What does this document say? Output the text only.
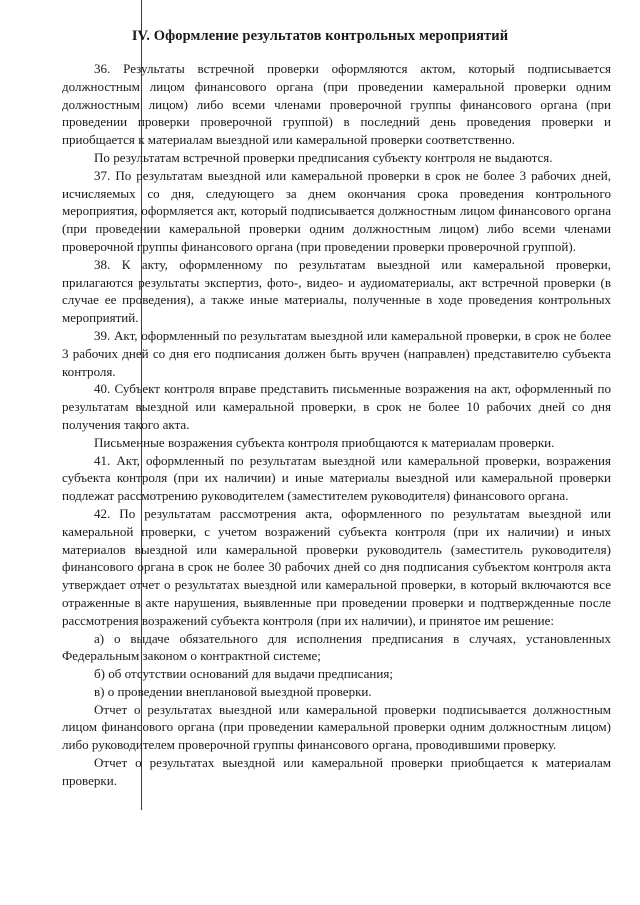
IV. Оформление результатов контрольных мероприятий

36. Результаты встречной проверки оформляются актом, который подписывается должностным лицом финансового органа (при проведении камеральной проверки одним должностным лицом) либо всеми членами проверочной группы финансового органа (при проведении проверки проверочной группой) в последний день проведения проверки и приобщается к материалам выездной или камеральной проверки соответственно.

По результатам встречной проверки предписания субъекту контроля не выдаются.

37. По результатам выездной или камеральной проверки в срок не более 3 рабочих дней, исчисляемых со дня, следующего за днем окончания срока проведения контрольного мероприятия, оформляется акт, который подписывается должностным лицом финансового органа (при проведении камеральной проверки одним должностным лицом) либо всеми членами проверочной группы финансового органа (при проведении проверки проверочной группой).

38. К акту, оформленному по результатам выездной или камеральной проверки, прилагаются результаты экспертиз, фото-, видео- и аудиоматериалы, акт встречной проверки (в случае ее проведения), а также иные материалы, полученные в ходе проведения контрольных мероприятий.

39. Акт, оформленный по результатам выездной или камеральной проверки, в срок не более 3 рабочих дней со дня его подписания должен быть вручен (направлен) представителю субъекта контроля.

40. Субъект контроля вправе представить письменные возражения на акт, оформленный по результатам выездной или камеральной проверки, в срок не более 10 рабочих дней со дня получения такого акта.

Письменные возражения субъекта контроля приобщаются к материалам проверки.

41. Акт, оформленный по результатам выездной или камеральной проверки, возражения субъекта контроля (при их наличии) и иные материалы выездной или камеральной проверки подлежат рассмотрению руководителем (заместителем руководителя) финансового органа.

42. По результатам рассмотрения акта, оформленного по результатам выездной или камеральной проверки, с учетом возражений субъекта контроля (при их наличии) и иных материалов выездной или камеральной проверки руководитель (заместитель руководителя) финансового органа в срок не более 30 рабочих дней со дня подписания субъектом контроля акта утверждает отчет о результатах выездной или камеральной проверки, в который включаются все отраженные в акте нарушения, выявленные при проведении проверки и подтвержденные после рассмотрения возражений субъекта контроля (при их наличии), и принятое им решение:

а) о выдаче обязательного для исполнения предписания в случаях, установленных Федеральным законом о контрактной системе;

б) об отсутствии оснований для выдачи предписания;

в) о проведении внеплановой выездной проверки.

Отчет о результатах выездной или камеральной проверки подписывается должностным лицом финансового органа (при проведении камеральной проверки одним должностным лицом) либо руководителем проверочной группы финансового органа, проводившими проверку.

Отчет о результатах выездной или камеральной проверки приобщается к материалам проверки.
